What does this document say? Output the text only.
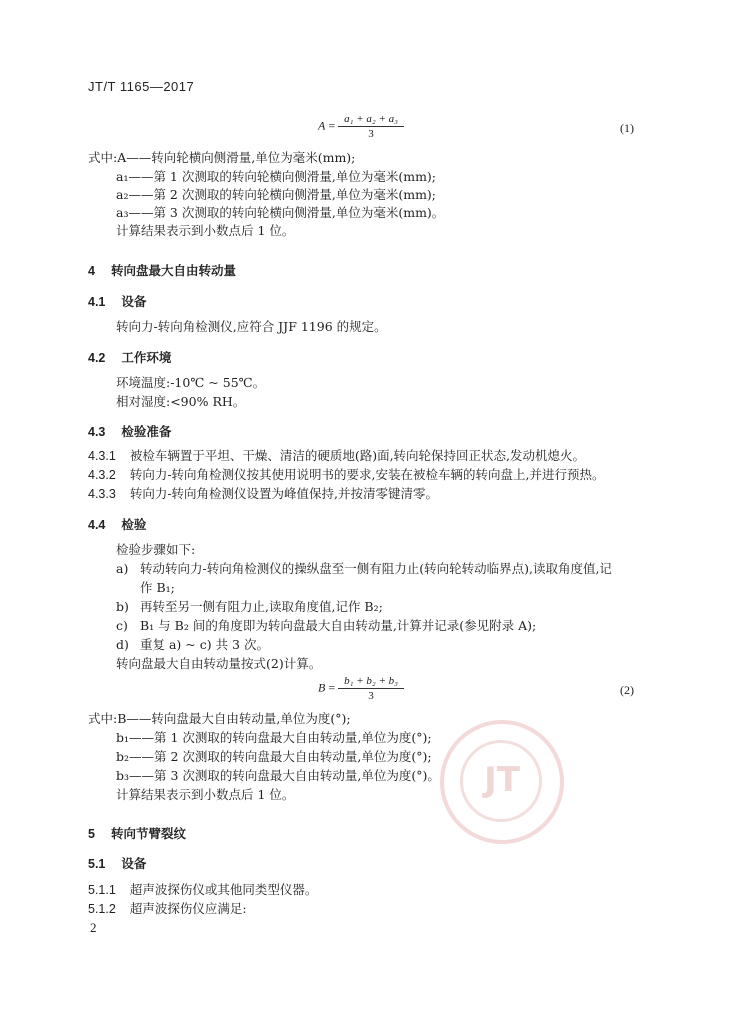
JT/T 1165—2017
$A = \frac{\text{a₁ + a₂ + a₃}}{3}$	(1)
式中:A——转向轮横向侧滑量,单位为毫米(mm);
a₁——第 1 次测取的转向轮横向侧滑量,单位为毫米(mm);
a₂——第 2 次测取的转向轮横向侧滑量,单位为毫米(mm);
a₃——第 3 次测取的转向轮横向侧滑量,单位为毫米(mm)。
计算结果表示到小数点后 1 位。
4 转向盘最大自由转动量
4.1 设备
转向力-转向角检测仪,应符合 JJF 1196 的规定。
4.2 工作环境
环境温度:-10℃ ~ 55℃。
相对湿度:<90% RH。
4.3 检验准备
4.3.1 被检车辆置于平坦、干燥、清洁的硬质地(路)面,转向轮保持回正状态,发动机熄火。
4.3.2 转向力-转向角检测仪按其使用说明书的要求,安装在被检车辆的转向盘上,并进行预热。
4.3.3 转向力-转向角检测仪设置为峰值保持,并按清零键清零。
4.4 检验
检验步骤如下:
a) 转动转向力-转向角检测仪的操纵盘至一侧有阻力止(转向轮转动临界点),读取角度值,记
作 B₁;
b) 再转至另一侧有阻力止,读取角度值,记作 B₂;
c) B₁ 与 B₂ 间的角度即为转向盘最大自由转动量,计算并记录(参见附录 A);
d) 重复 a) ~ c) 共 3 次。
转向盘最大自由转动量按式(2)计算。
$B = \frac{\text{b₁ + b₂ + b₃}}{3}$	(2)
式中:B——转向盘最大自由转动量,单位为度(°);
b₁——第 1 次测取的转向盘最大自由转动量,单位为度(°);
b₂——第 2 次测取的转向盘最大自由转动量,单位为度(°);
b₃——第 3 次测取的转向盘最大自由转动量,单位为度(°)。
计算结果表示到小数点后 1 位。	JT
5 转向节臂裂纹
5.1 设备
5.1.1 超声波探伤仪或其他同类型仪器。
5.1.2 超声波探伤仪应满足:
2
